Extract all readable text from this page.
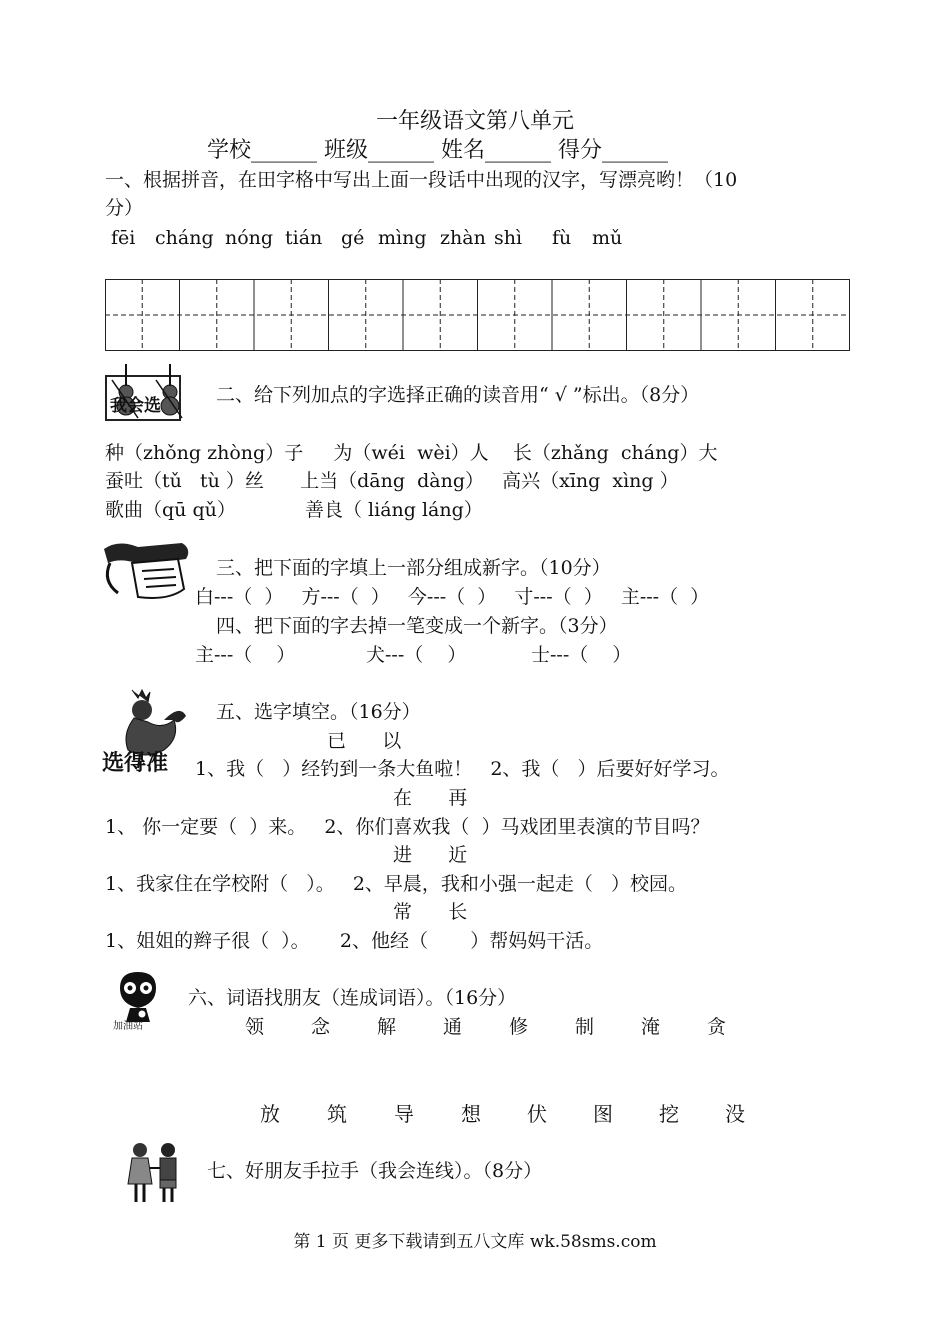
一年级语文第八单元
学校______ 班级______ 姓名______ 得分______
一、根据拼音，在田字格中写出上面一段话中出现的汉字，写漂亮哟！（10
分）
fēi cháng nóng tián gé mìng zhàn shì fù mǔ
我会选	二、给下列加点的字选择正确的读音用“ √ ”标出。（8分）
种（zhǒng zhòng）子     为（wéi  wèi）人    长（zhǎng  cháng）大
蚕吐（tǔ   tù ）丝      上当（dāng  dàng）   高兴（xīng  xìng ）
歌曲（qū qǔ）	善良（ liáng láng）
三、把下面的字填上一部分组成新字。（10分）
白---（  ）   方---（  ）   今---（  ）   寸---（  ）   主---（  ）
四、把下面的字去掉一笔变成一个新字。（3分）
主---（    ）	犬---（    ）	士---（    ）
选得准
五、选字填空。（16分）
已      以
1、我（   ）经钓到一条大鱼啦！   2、我（   ）后要好好学习。
在      再
1、 你一定要（  ）来。   2、你们喜欢我（  ）马戏团里表演的节目吗？
进      近
1、我家住在学校附（   ）。   2、早晨，我和小强一起走（   ）校园。
常      长
1、姐姐的辫子很（  ）。     2、他经（       ）帮妈妈干活。
加油站
六、词语找朋友（连成词语）。（16分）
领 念 解 通 修 制 淹 贪
放 筑 导 想 伏 图 挖 没
七、好朋友手拉手（我会连线）。（8分）
第 1 页 更多下载请到五八文库 wk.58sms.com
